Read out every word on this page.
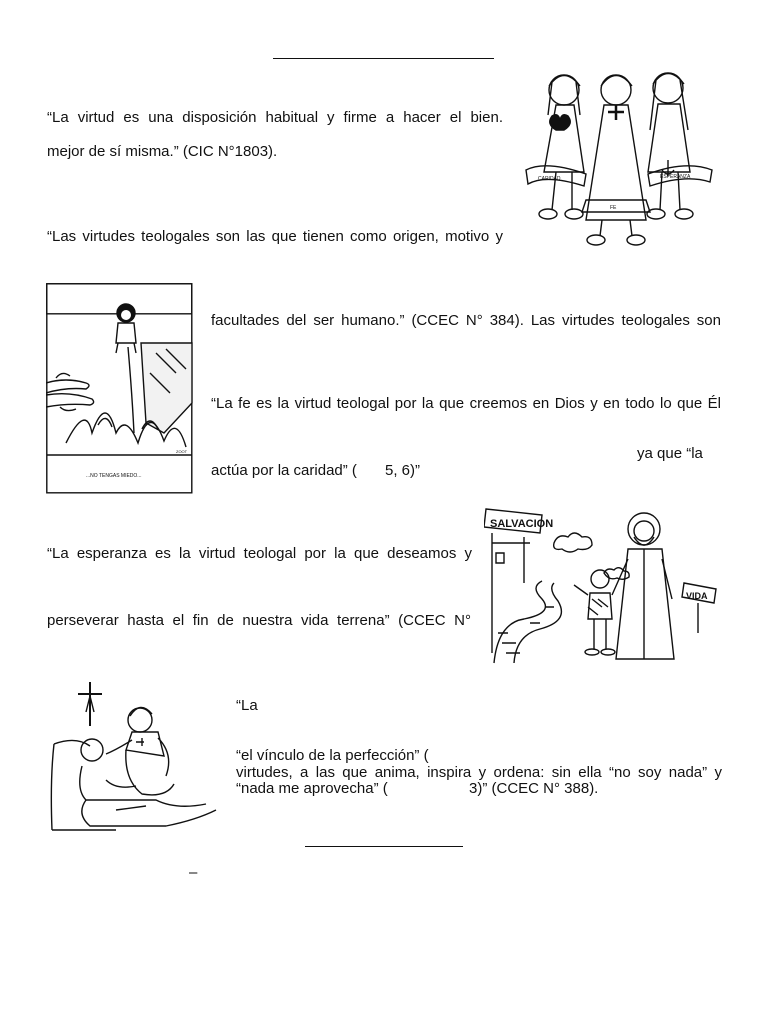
“La virtud es una disposición habitual y firme a hacer el bien.
mejor de sí misma.” (CIC N°1803).
CARIDAD
FE
ESPERANZA
“Las virtudes teologales son las que tienen como origen, motivo y
...NO TENGAS MIEDO...
ZOOT
facultades del ser humano.” (CCEC N° 384). Las virtudes teologales son
“La fe es la virtud teologal por la que creemos en Dios y en todo lo que Él
ya que “la
actúa por la caridad” ( 5, 6)”
“La esperanza es la virtud teologal por la que deseamos y
perseverar hasta el fin de nuestra vida terrena” (CCEC N°
SALVACION
VIDA
“La
“el vínculo de la perfección” (
virtudes, a las que anima, inspira y ordena: sin ella “no soy nada” y
“nada me aprovecha” (	3)” (CCEC N° 388).
–
